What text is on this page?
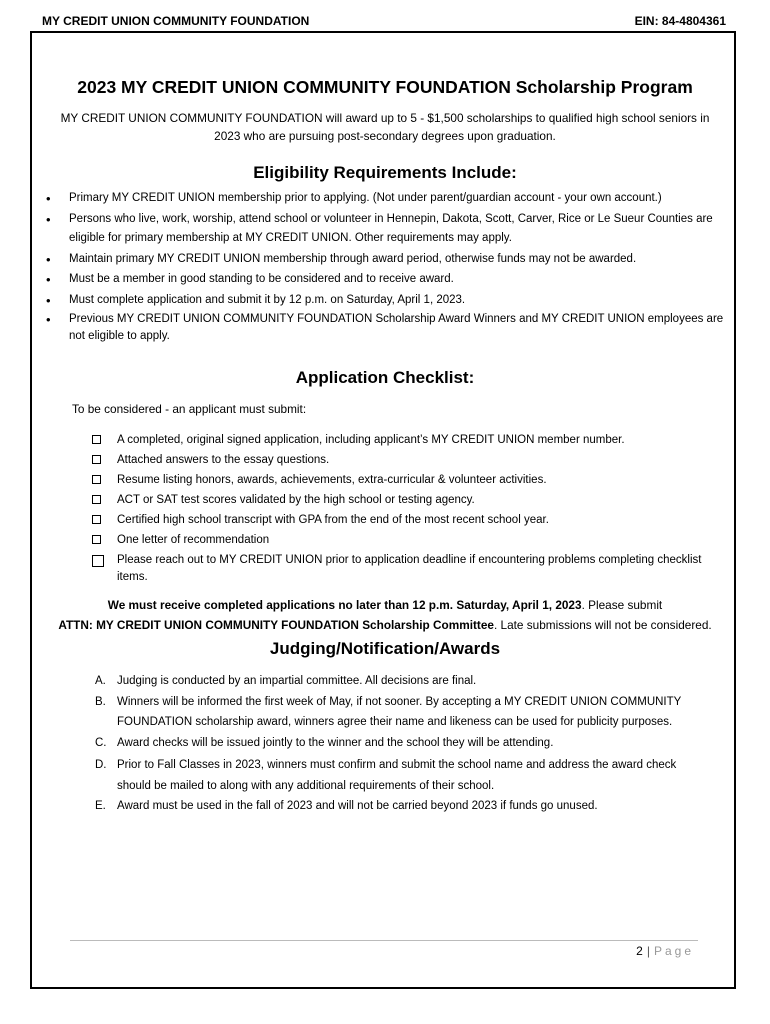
MY CREDIT UNION COMMUNITY FOUNDATION	EIN: 84-4804361
2023 MY CREDIT UNION COMMUNITY FOUNDATION Scholarship Program
MY CREDIT UNION COMMUNITY FOUNDATION will award up to 5 - $1,500 scholarships to qualified high school seniors in 2023 who are pursuing post-secondary degrees upon graduation.
Eligibility Requirements Include:
• Primary MY CREDIT UNION membership prior to applying. (Not under parent/guardian account - your own account.)
• Persons who live, work, worship, attend school or volunteer in Hennepin, Dakota, Scott, Carver, Rice or Le Sueur Counties are eligible for primary membership at MY CREDIT UNION. Other requirements may apply.
• Maintain primary MY CREDIT UNION membership through award period, otherwise funds may not be awarded.
• Must be a member in good standing to be considered and to receive award.
• Must complete application and submit it by 12 p.m. on Saturday, April 1, 2023.
• Previous MY CREDIT UNION COMMUNITY FOUNDATION Scholarship Award Winners and MY CREDIT UNION employees are not eligible to apply.
Application Checklist:
To be considered - an applicant must submit:
A completed, original signed application, including applicant’s MY CREDIT UNION member number.
Attached answers to the essay questions.
Resume listing honors, awards, achievements, extra-curricular & volunteer activities.
ACT or SAT test scores validated by the high school or testing agency.
Certified high school transcript with GPA from the end of the most recent school year.
One letter of recommendation
Please reach out to MY CREDIT UNION prior to application deadline if encountering problems completing checklist items.
We must receive completed applications no later than 12 p.m. Saturday, April 1, 2023. Please submit
ATTN: MY CREDIT UNION COMMUNITY FOUNDATION Scholarship Committee. Late submissions will not be considered.
Judging/Notification/Awards
A. Judging is conducted by an impartial committee. All decisions are final.
B. Winners will be informed the first week of May, if not sooner. By accepting a MY CREDIT UNION COMMUNITY FOUNDATION scholarship award, winners agree their name and likeness can be used for publicity purposes.
C. Award checks will be issued jointly to the winner and the school they will be attending.
D. Prior to Fall Classes in 2023, winners must confirm and submit the school name and address the award check should be mailed to along with any additional requirements of their school.
E. Award must be used in the fall of 2023 and will not be carried beyond 2023 if funds go unused.
2 | Page
